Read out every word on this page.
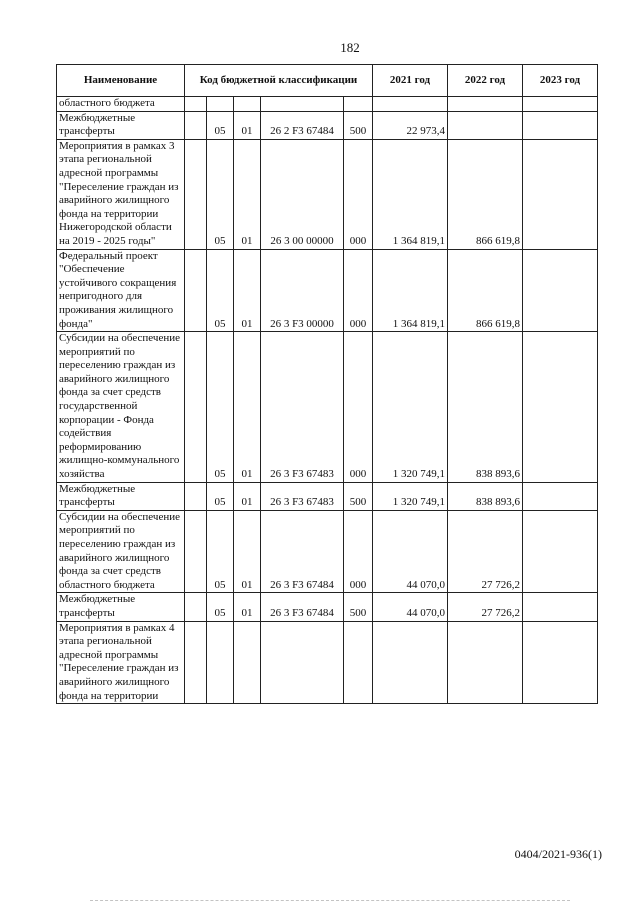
182
Наименование	Код бюджетной классификации					2021 год	2022 год	2023 год
областного бюджета								
Межбюджетные трансферты		05	01	26 2 F3 67484	500	22 973,4		
Мероприятия в рамках 3 этапа региональной адресной программы "Переселение граждан из аварийного жилищного фонда на территории Нижегородской области на 2019 - 2025 годы"		05	01	26 3 00 00000	000	1 364 819,1	866 619,8	
Федеральный проект "Обеспечение устойчивого сокращения непригодного для проживания жилищного фонда"		05	01	26 3 F3 00000	000	1 364 819,1	866 619,8	
Субсидии на обеспечение мероприятий по переселению граждан из аварийного жилищного фонда за счет средств государственной корпорации - Фонда содействия реформированию жилищно-коммунального хозяйства		05	01	26 3 F3 67483	000	1 320 749,1	838 893,6	
Межбюджетные трансферты		05	01	26 3 F3 67483	500	1 320 749,1	838 893,6	
Субсидии на обеспечение мероприятий по переселению граждан из аварийного жилищного фонда за счет средств областного бюджета		05	01	26 3 F3 67484	000	44 070,0	27 726,2	
Межбюджетные трансферты		05	01	26 3 F3 67484	500	44 070,0	27 726,2	
Мероприятия в рамках 4 этапа региональной адресной программы "Переселение граждан из аварийного жилищного фонда на территории								
0404/2021-936(1)
